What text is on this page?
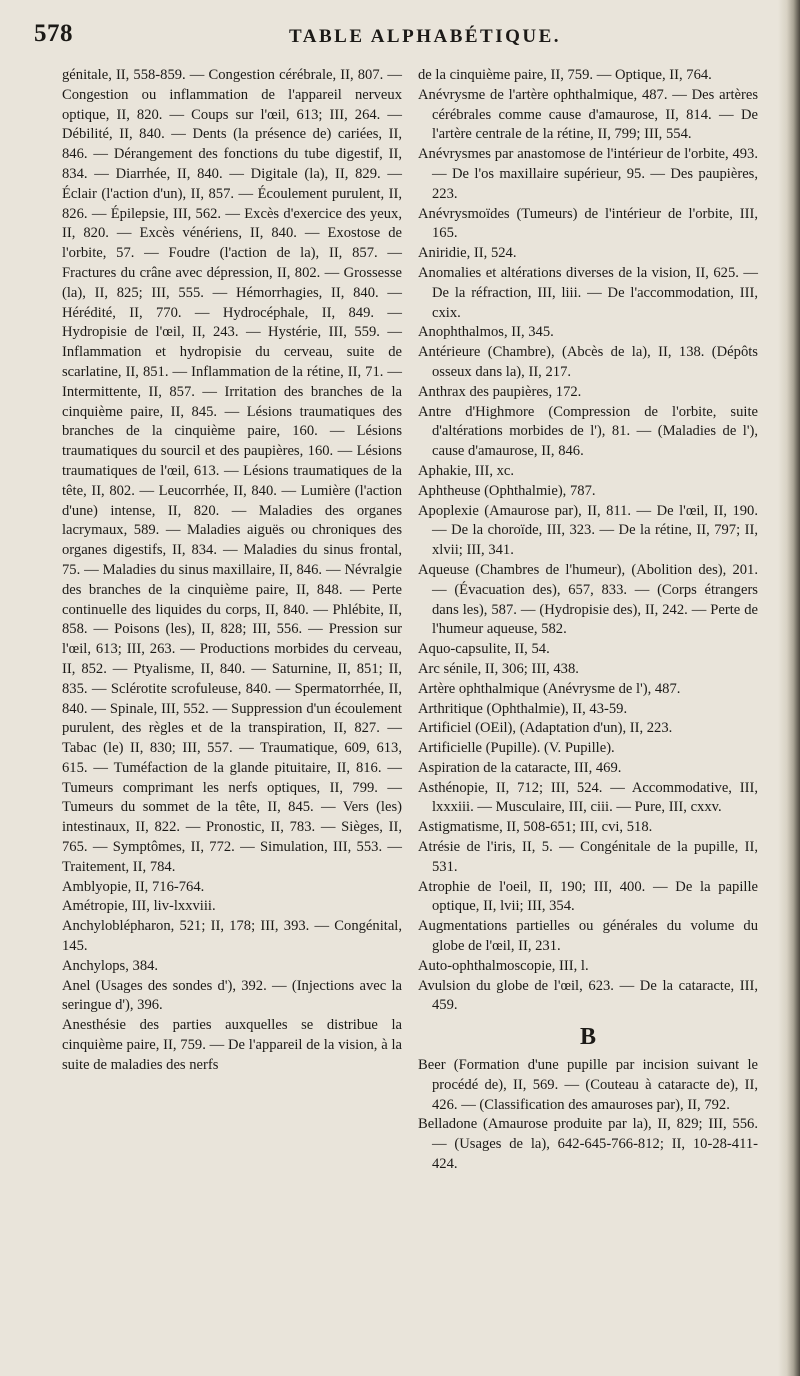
578	TABLE ALPHABÉTIQUE.

génitale, II, 558-859. — Congestion cérébrale, II, 807. — Congestion ou inflammation de l'appareil nerveux optique, II, 820. — Coups sur l'œil, 613; III, 264. — Débilité, II, 840. — Dents (la présence de) cariées, II, 846. — Dérangement des fonctions du tube digestif, II, 834. — Diarrhée, II, 840. — Digitale (la), II, 829. — Éclair (l'action d'un), II, 857. — Écoulement purulent, II, 826. — Épilepsie, III, 562. — Excès d'exercice des yeux, II, 820. — Excès vénériens, II, 840. — Exostose de l'orbite, 57. — Foudre (l'action de la), II, 857. — Fractures du crâne avec dépression, II, 802. — Grossesse (la), II, 825; III, 555. — Hémorrhagies, II, 840. — Hérédité, II, 770. — Hydrocéphale, II, 849. — Hydropisie de l'œil, II, 243. — Hystérie, III, 559. — Inflammation et hydropisie du cerveau, suite de scarlatine, II, 851. — Inflammation de la rétine, II, 71. — Intermittente, II, 857. — Irritation des branches de la cinquième paire, II, 845. — Lésions traumatiques des branches de la cinquième paire, 160. — Lésions traumatiques du sourcil et des paupières, 160. — Lésions traumatiques de l'œil, 613. — Lésions traumatiques de la tête, II, 802. — Leucorrhée, II, 840. — Lumière (l'action d'une) intense, II, 820. — Maladies des organes lacrymaux, 589. — Maladies aiguës ou chroniques des organes digestifs, II, 834. — Maladies du sinus frontal, 75. — Maladies du sinus maxillaire, II, 846. — Névralgie des branches de la cinquième paire, II, 848. — Perte continuelle des liquides du corps, II, 840. — Phlébite, II, 858. — Poisons (les), II, 828; III, 556. — Pression sur l'œil, 613; III, 263. — Productions morbides du cerveau, II, 852. — Ptyalisme, II, 840. — Saturnine, II, 851; II, 835. — Sclérotite scrofuleuse, 840. — Spermatorrhée, II, 840. — Spinale, III, 552. — Suppression d'un écoulement purulent, des règles et de la transpiration, II, 827. — Tabac (le) II, 830; III, 557. — Traumatique, 609, 613, 615. — Tuméfaction de la glande pituitaire, II, 816. — Tumeurs comprimant les nerfs optiques, II, 799. — Tumeurs du sommet de la tête, II, 845. — Vers (les) intestinaux, II, 822. — Pronostic, II, 783. — Sièges, II, 765. — Symptômes, II, 772. — Simulation, III, 553. — Traitement, II, 784.

Amblyopie, II, 716-764.

Amétropie, III, liv-lxxviii.

Anchyloblépharon, 521; II, 178; III, 393. — Congénital, 145.

Anchylops, 384.

Anel (Usages des sondes d'), 392. — (Injections avec la seringue d'), 396.

Anesthésie des parties auxquelles se distribue la cinquième paire, II, 759. — De l'appareil de la vision, à la suite de maladies des nerfs

de la cinquième paire, II, 759. — Optique, II, 764.

Anévrysme de l'artère ophthalmique, 487. — Des artères cérébrales comme cause d'amaurose, II, 814. — De l'artère centrale de la rétine, II, 799; III, 554.

Anévrysmes par anastomose de l'intérieur de l'orbite, 493. — De l'os maxillaire supérieur, 95. — Des paupières, 223.

Anévrysmoïdes (Tumeurs) de l'intérieur de l'orbite, III, 165.

Aniridie, II, 524.

Anomalies et altérations diverses de la vision, II, 625. — De la réfraction, III, liii. — De l'accommodation, III, cxix.

Anophthalmos, II, 345.

Antérieure (Chambre), (Abcès de la), II, 138. (Dépôts osseux dans la), II, 217.

Anthrax des paupières, 172.

Antre d'Highmore (Compression de l'orbite, suite d'altérations morbides de l'), 81. — (Maladies de l'), cause d'amaurose, II, 846.

Aphakie, III, xc.

Aphtheuse (Ophthalmie), 787.

Apoplexie (Amaurose par), II, 811. — De l'œil, II, 190. — De la choroïde, III, 323. — De la rétine, II, 797; II, xlvii; III, 341.

Aqueuse (Chambres de l'humeur), (Abolition des), 201. — (Évacuation des), 657, 833. — (Corps étrangers dans les), 587. — (Hydropisie des), II, 242. — Perte de l'humeur aqueuse, 582.

Aquo-capsulite, II, 54.

Arc sénile, II, 306; III, 438.

Artère ophthalmique (Anévrysme de l'), 487.

Arthritique (Ophthalmie), II, 43-59.

Artificiel (OEil), (Adaptation d'un), II, 223.

Artificielle (Pupille). (V. Pupille).

Aspiration de la cataracte, III, 469.

Asthénopie, II, 712; III, 524. — Accommodative, III, lxxxiii. — Musculaire, III, ciii. — Pure, III, cxxv.

Astigmatisme, II, 508-651; III, cvi, 518.

Atrésie de l'iris, II, 5. — Congénitale de la pupille, II, 531.

Atrophie de l'oeil, II, 190; III, 400. — De la papille optique, II, lvii; III, 354.

Augmentations partielles ou générales du volume du globe de l'œil, II, 231.

Auto-ophthalmoscopie, III, l.

Avulsion du globe de l'œil, 623. — De la cataracte, III, 459.

B

Beer (Formation d'une pupille par incision suivant le procédé de), II, 569. — (Couteau à cataracte de), II, 426. — (Classification des amauroses par), II, 792.

Belladone (Amaurose produite par la), II, 829; III, 556. — (Usages de la), 642-645-766-812; II, 10-28-411-424.
